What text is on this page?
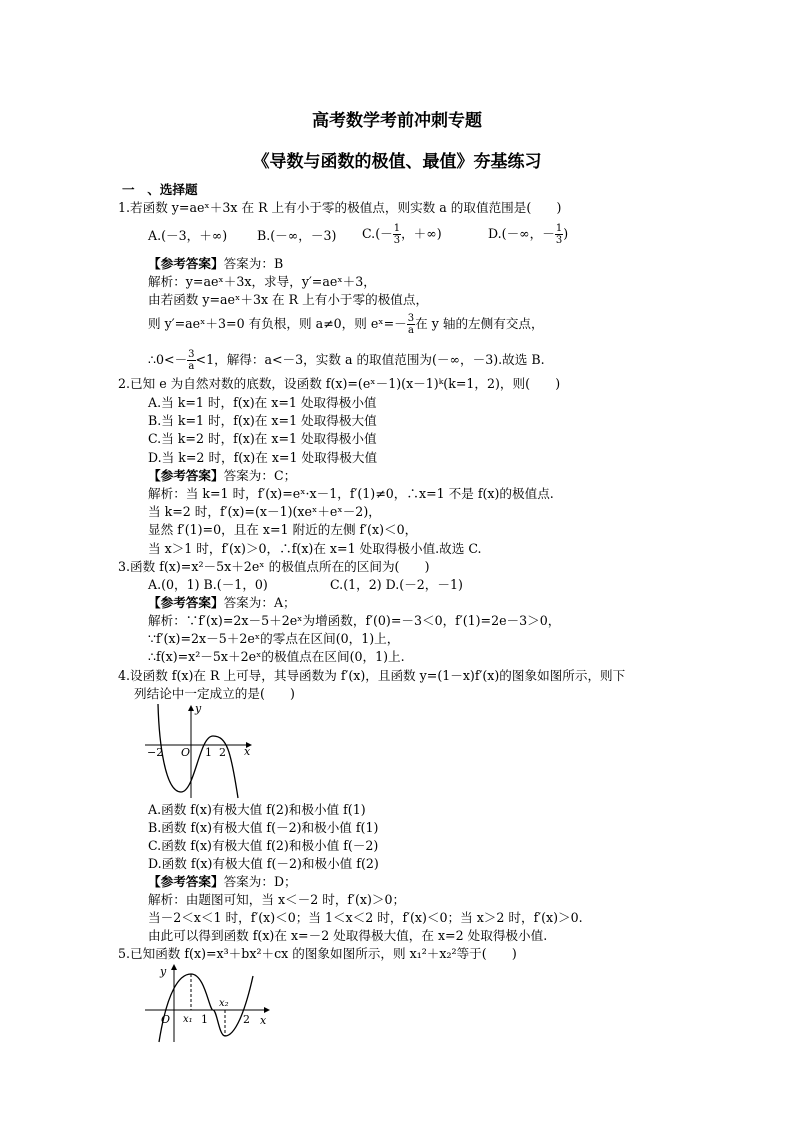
高考数学考前冲刺专题
《导数与函数的极值、最值》夯基练习
一　、选择题
1.若函数 y=aeˣ＋3x 在 R 上有小于零的极值点，则实数 a 的取值范围是(　　)
A.(－3，＋∞) B.(－∞，－3) $C.(- \frac{1}{3}$ ，＋∞)	D.(－∞，－ $\frac{1}{3}$ )
【参考答案】答案为：B
解析：y=aeˣ＋3x，求导，y′=aeˣ＋3，
由若函数 y=aeˣ＋3x 在 R 上有小于零的极值点，
则 y′=aeˣ＋3=0 有负根，则 a≠0，则 eˣ=－ $\frac{3}{a}$ 在 y 轴的左侧有交点，
∴0<－ $\frac{3}{a} <1$，解得：a<－3，实数 a 的取值范围为(－∞，－3).故选 B.
2.已知 e 为自然对数的底数，设函数 f(x)=(eˣ－1)(x－1)ᵏ(k=1，2)，则(　　)
A.当 k=1 时，f(x)在 x=1 处取得极小值
B.当 k=1 时，f(x)在 x=1 处取得极大值
C.当 k=2 时，f(x)在 x=1 处取得极小值
D.当 k=2 时，f(x)在 x=1 处取得极大值
【参考答案】答案为：C；
解析：当 k=1 时，f′(x)=eˣ·x－1，f′(1)≠0，∴x=1 不是 f(x)的极值点.
当 k=2 时，f′(x)=(x－1)(xeˣ＋eˣ－2)，
显然 f′(1)=0，且在 x=1 附近的左侧 f′(x)＜0，
当 x＞1 时，f′(x)＞0，∴f(x)在 x=1 处取得极小值.故选 C.
3.函数 f(x)=x²－5x＋2eˣ 的极值点所在的区间为(　　)
A.(0，1) B.(－1，0)	C.(1，2) D.(－2，－1)
【参考答案】答案为：A；
解析：∵f′(x)=2x－5＋2eˣ为增函数，f′(0)=－3＜0，f′(1)=2e－3＞0，
∵f′(x)=2x－5＋2eˣ的零点在区间(0，1)上，
∴f(x)=x²－5x＋2eˣ的极值点在区间(0，1)上.
4.设函数 f(x)在 R 上可导，其导函数为 f′(x)，且函数 y=(1－x)f′(x)的图象如图所示，则下
列结论中一定成立的是(　　)
y
x
O
−2	1 2
A.函数 f(x)有极大值 f(2)和极小值 f(1)
B.函数 f(x)有极大值 f(－2)和极小值 f(1)
C.函数 f(x)有极大值 f(2)和极小值 f(－2)
D.函数 f(x)有极大值 f(－2)和极小值 f(2)
【参考答案】答案为：D；
解析：由题图可知，当 x＜－2 时，f′(x)＞0；
当－2＜x＜1 时，f′(x)＜0；当 1＜x＜2 时，f′(x)＜0；当 x＞2 时，f′(x)＞0.
由此可以得到函数 f(x)在 x=－2 处取得极大值，在 x=2 处取得极小值.
5.已知函数 f(x)=x³＋bx²＋cx 的图象如图所示，则 x₁²＋x₂²等于(　　)
y
x
O x₁
x₂
1	2
